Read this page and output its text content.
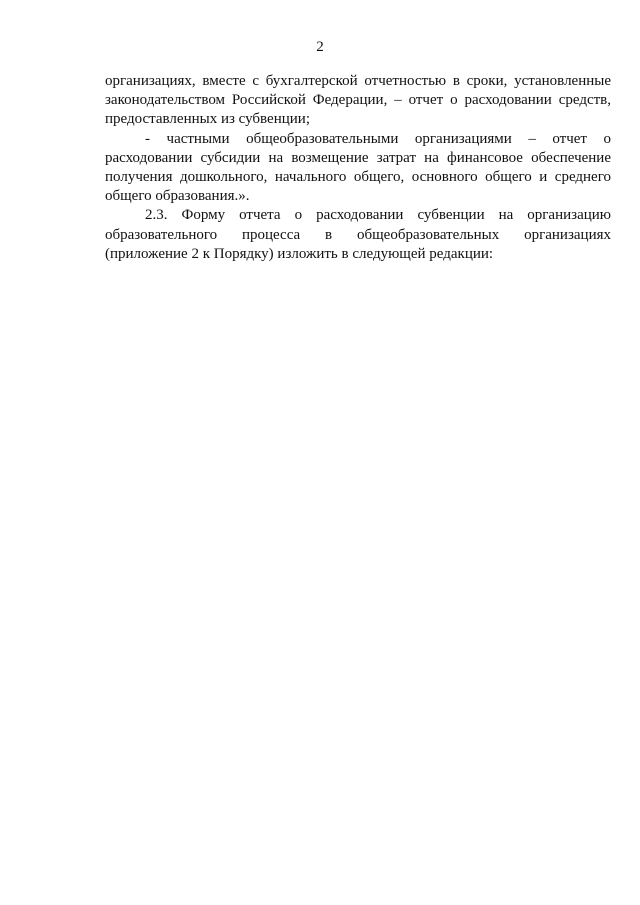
2

организациях, вместе с бухгалтерской отчетностью в сроки, установленные

законодательством Российской Федерации, – отчет о расходовании средств,

предоставленных из субвенции;

- частными общеобразовательными организациями – отчет о

расходовании субсидии на возмещение затрат на финансовое обеспечение

получения дошкольного, начального общего, основного общего и среднего

общего образования.».

2.3. Форму отчета о расходовании субвенции на организацию

образовательного процесса в общеобразовательных организациях

(приложение 2 к Порядку) изложить в следующей редакции:
